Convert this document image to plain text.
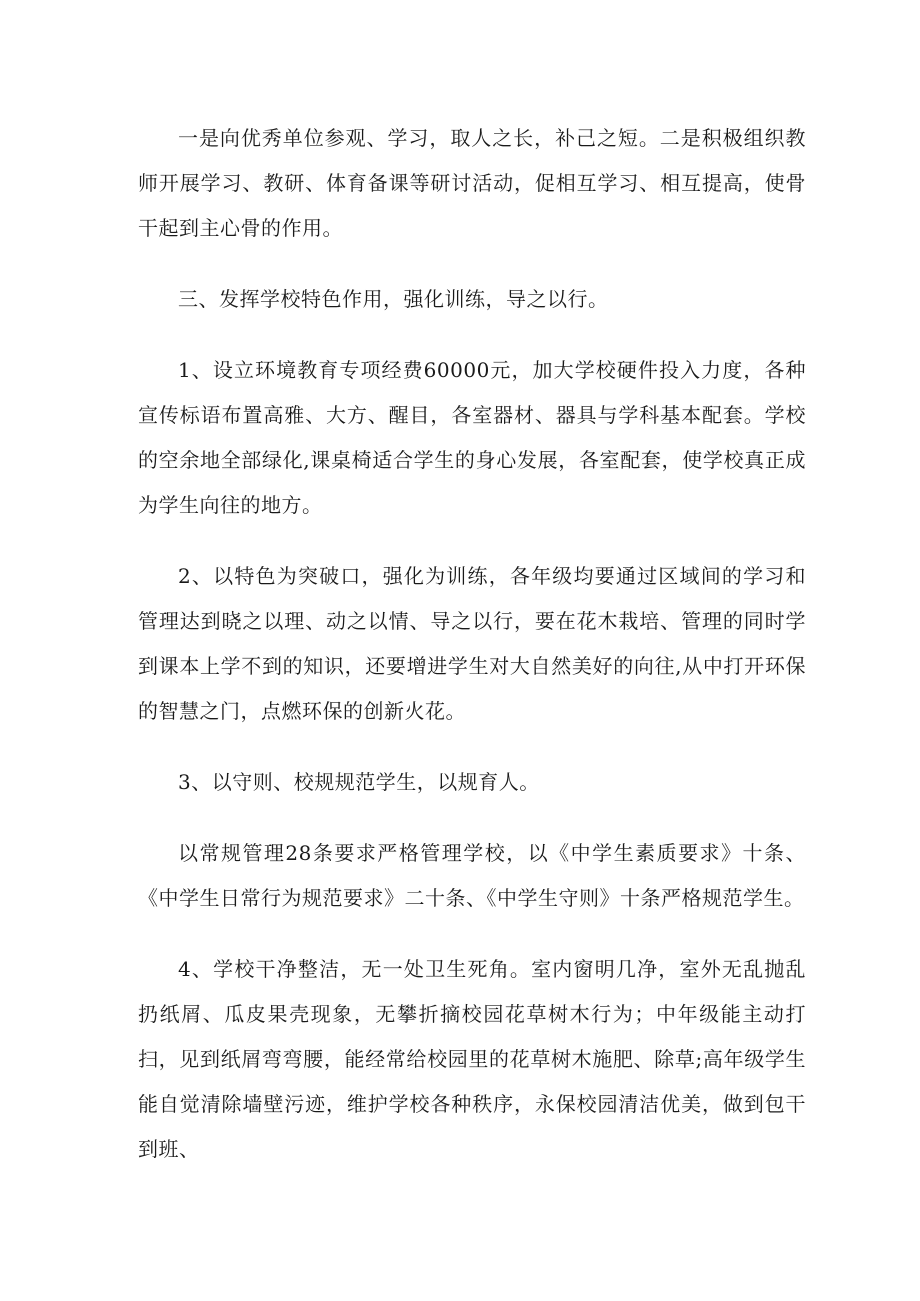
一是向优秀单位参观、学习，取人之长，补己之短。二是积极组织教师开展学习、教研、体育备课等研讨活动，促相互学习、相互提高，使骨干起到主心骨的作用。

三、发挥学校特色作用，强化训练，导之以行。

1、设立环境教育专项经费60000元，加大学校硬件投入力度，各种宣传标语布置高雅、大方、醒目，各室器材、器具与学科基本配套。学校的空余地全部绿化,课桌椅适合学生的身心发展，各室配套，使学校真正成为学生向往的地方。

2、以特色为突破口，强化为训练，各年级均要通过区域间的学习和管理达到晓之以理、动之以情、导之以行，要在花木栽培、管理的同时学到课本上学不到的知识，还要增进学生对大自然美好的向往,从中打开环保的智慧之门，点燃环保的创新火花。

3、以守则、校规规范学生，以规育人。

以常规管理28条要求严格管理学校，以《中学生素质要求》十条、《中学生日常行为规范要求》二十条、《中学生守则》十条严格规范学生。

4、学校干净整洁，无一处卫生死角。室内窗明几净，室外无乱抛乱扔纸屑、瓜皮果壳现象，无攀折摘校园花草树木行为；中年级能主动打扫，见到纸屑弯弯腰，能经常给校园里的花草树木施肥、除草;高年级学生能自觉清除墙壁污迹，维护学校各种秩序，永保校园清洁优美，做到包干到班、
